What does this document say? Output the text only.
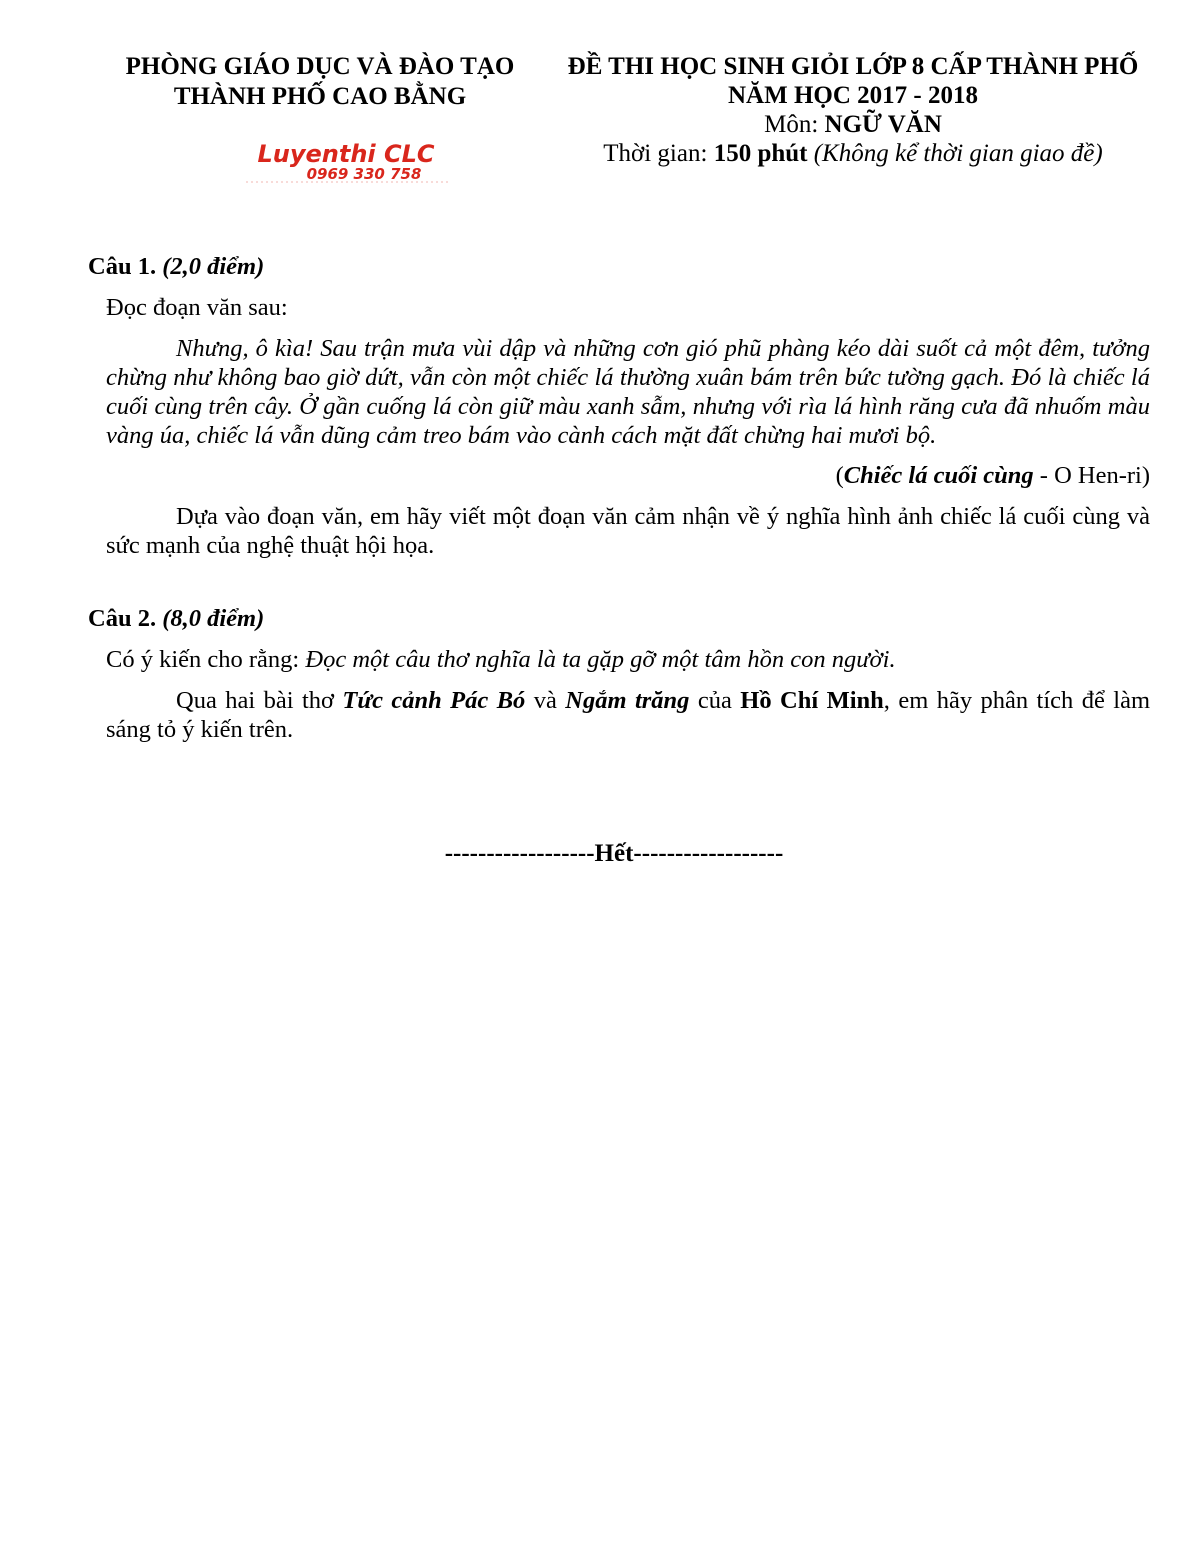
PHÒNG GIÁO DỤC VÀ ĐÀO TẠO
THÀNH PHỐ CAO BẰNG
ĐỀ THI HỌC SINH GIỎI LỚP 8 CẤP THÀNH PHỐ
NĂM HỌC 2017 - 2018
Môn: NGỮ VĂN
Thời gian: 150 phút (Không kể thời gian giao đề)
Luyenthi CLC
0969 330 758

Câu 1. (2,0 điểm)

Đọc đoạn văn sau:

Nhưng, ô kìa! Sau trận mưa vùi dập và những cơn gió phũ phàng kéo dài suốt cả một đêm, tưởng chừng như không bao giờ dứt, vẫn còn một chiếc lá thường xuân bám trên bức tường gạch. Đó là chiếc lá cuối cùng trên cây. Ở gần cuống lá còn giữ màu xanh sẫm, nhưng với rìa lá hình răng cưa đã nhuốm màu vàng úa, chiếc lá vẫn dũng cảm treo bám vào cành cách mặt đất chừng hai mươi bộ.

(Chiếc lá cuối cùng - O Hen-ri)

Dựa vào đoạn văn, em hãy viết một đoạn văn cảm nhận về ý nghĩa hình ảnh chiếc lá cuối cùng và sức mạnh của nghệ thuật hội họa.

Câu 2. (8,0 điểm)

Có ý kiến cho rằng: Đọc một câu thơ nghĩa là ta gặp gỡ một tâm hồn con người.

Qua hai bài thơ Tức cảnh Pác Bó và Ngắm trăng của Hồ Chí Minh, em hãy phân tích để làm sáng tỏ ý kiến trên.

------------------Hết------------------
